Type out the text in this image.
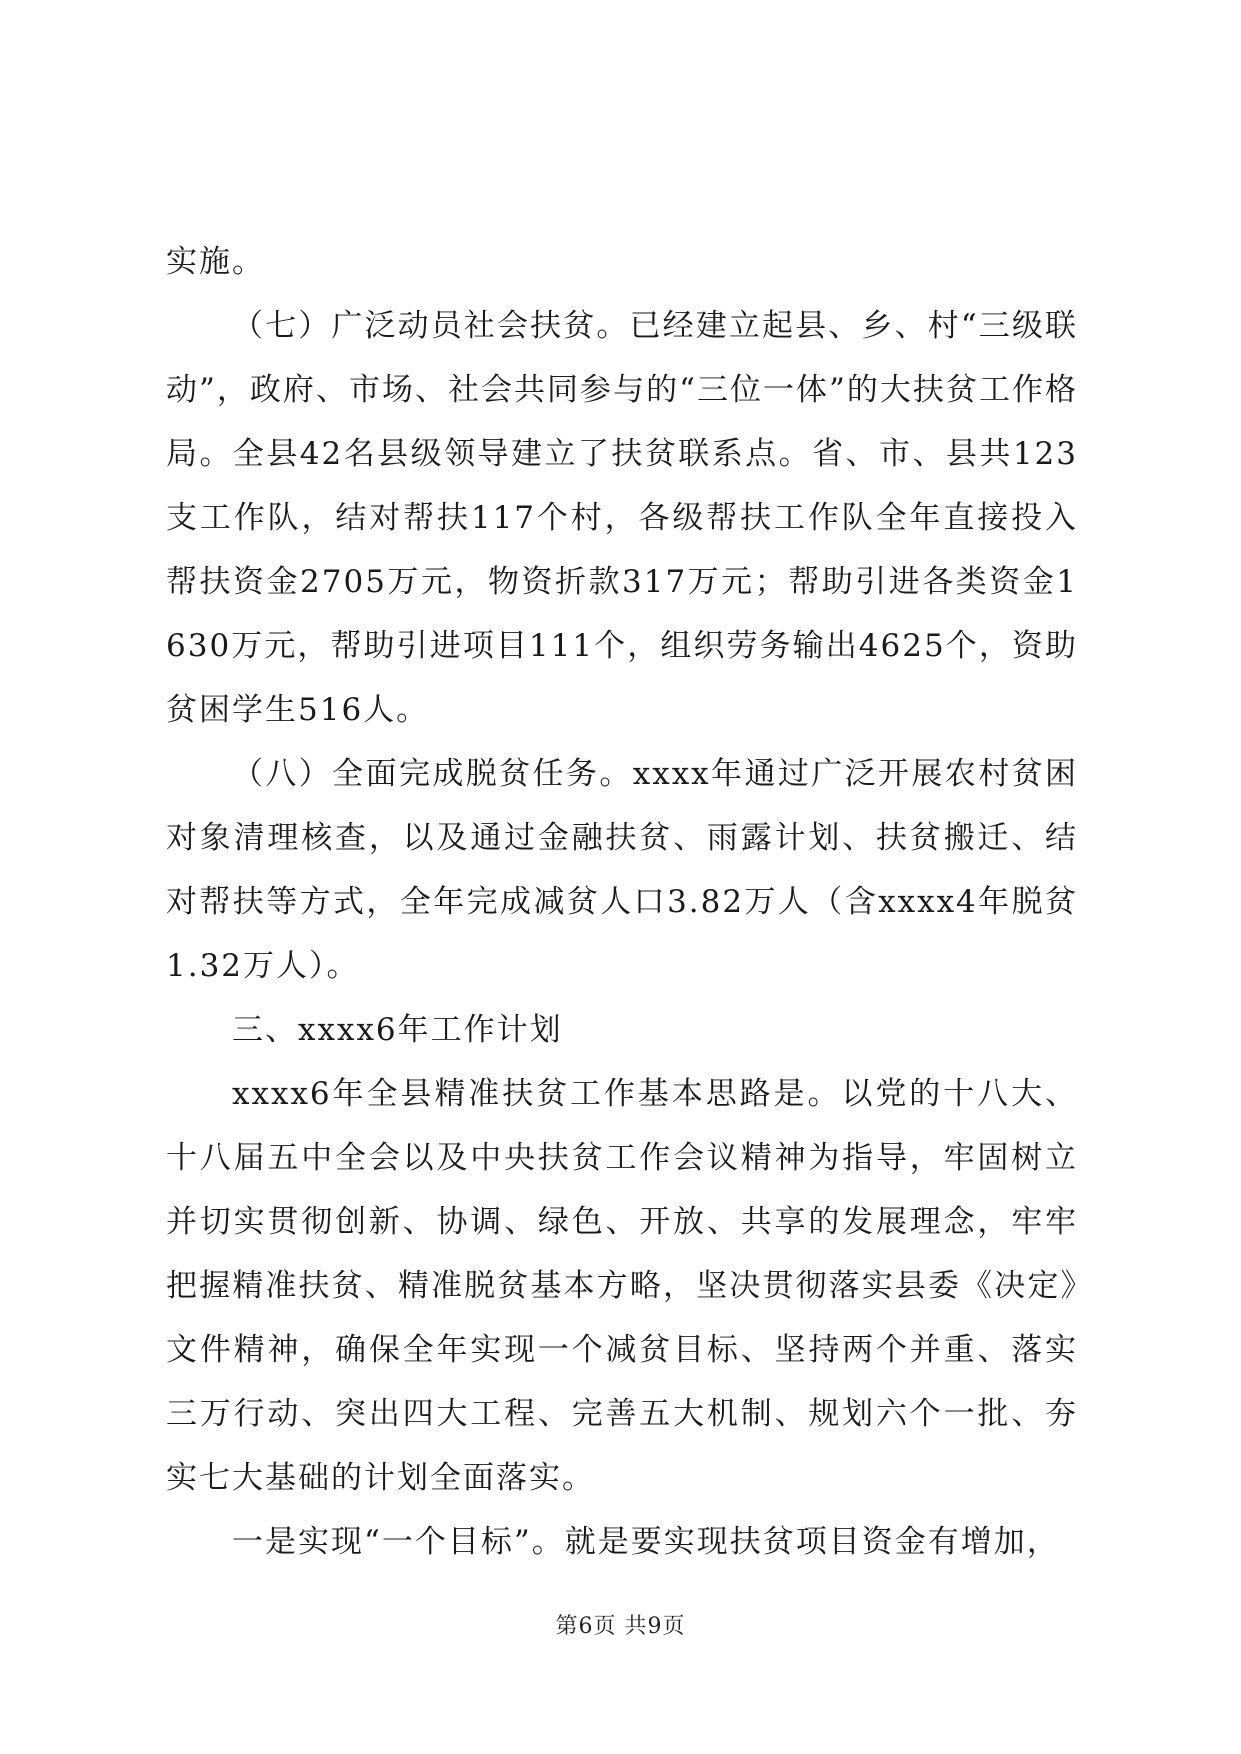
实施。

（七）广泛动员社会扶贫。已经建立起县、乡、村“三级联动”，政府、市场、社会共同参与的“三位一体”的大扶贫工作格局。全县42名县级领导建立了扶贫联系点。省、市、县共123支工作队，结对帮扶117个村，各级帮扶工作队全年直接投入帮扶资金2705万元，物资折款317万元；帮助引进各类资金1630万元，帮助引进项目111个，组织劳务输出4625个，资助贫困学生516人。

（八）全面完成脱贫任务。xxxx年通过广泛开展农村贫困对象清理核查，以及通过金融扶贫、雨露计划、扶贫搬迁、结对帮扶等方式，全年完成减贫人口3.82万人（含xxxx4年脱贫1.32万人）。

三、xxxx6年工作计划

xxxx6年全县精准扶贫工作基本思路是。以党的十八大、十八届五中全会以及中央扶贫工作会议精神为指导，牢固树立并切实贯彻创新、协调、绿色、开放、共享的发展理念，牢牢把握精准扶贫、精准脱贫基本方略，坚决贯彻落实县委《决定》文件精神，确保全年实现一个减贫目标、坚持两个并重、落实三万行动、突出四大工程、完善五大机制、规划六个一批、夯实七大基础的计划全面落实。

一是实现“一个目标”。就是要实现扶贫项目资金有增加，

第6页 共9页
